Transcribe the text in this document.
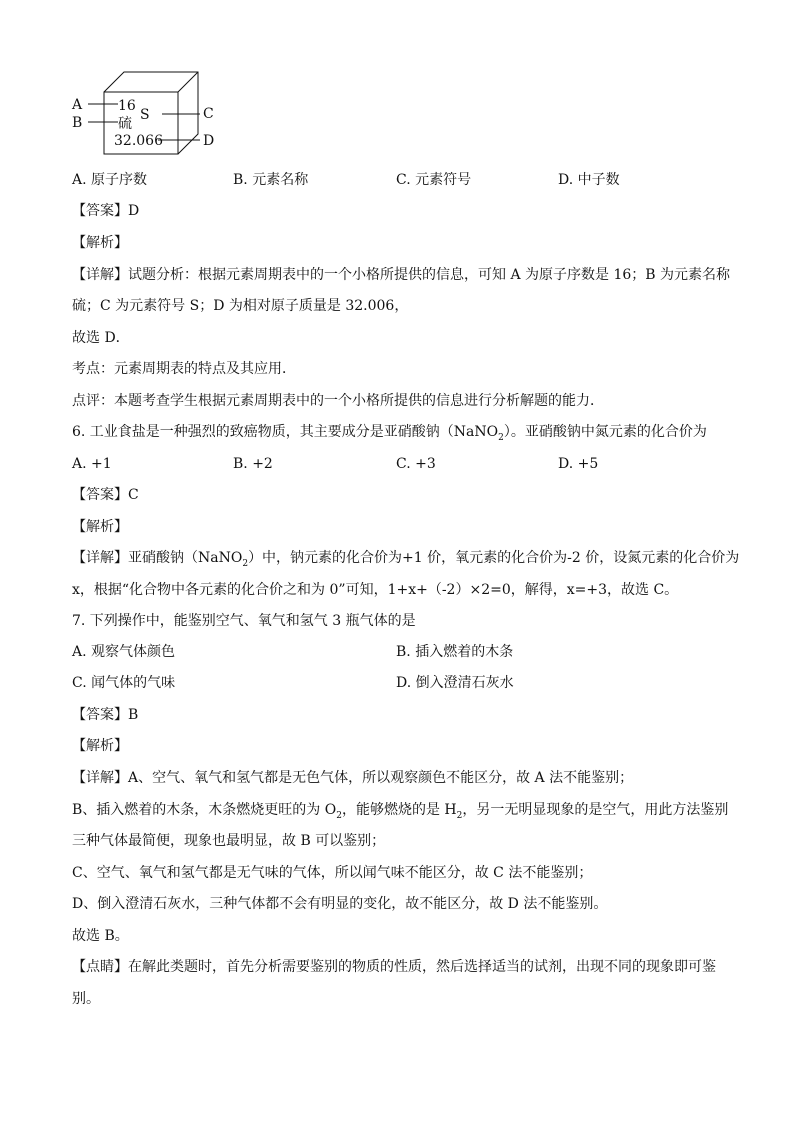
A
B
C
D
16
S
硫
32.066
A. 原子序数	B. 元素名称	C. 元素符号	D. 中子数
【答案】D
【解析】
【详解】试题分析：根据元素周期表中的一个小格所提供的信息，可知 A 为原子序数是 16；B 为元素名称
硫；C 为元素符号 S；D 为相对原子质量是 32.006，
故选 D．
考点：元素周期表的特点及其应用．
点评：本题考查学生根据元素周期表中的一个小格所提供的信息进行分析解题的能力．
6. 工业食盐是一种强烈的致癌物质，其主要成分是亚硝酸钠（NaNO$_2$）。亚硝酸钠中氮元素的化合价为
A. +1	B. +2	C. +3	D. +5
【答案】C
【解析】
【详解】亚硝酸钠（NaNO$_2$）中，钠元素的化合价为+1 价，氧元素的化合价为-2 价，设氮元素的化合价为
x，根据“化合物中各元素的化合价之和为 0”可知，1+x+（-2）×2=0，解得，x=+3，故选 C。
7. 下列操作中，能鉴别空气、氧气和氢气 3 瓶气体的是
A. 观察气体颜色	B. 插入燃着的木条
C. 闻气体的气味	D. 倒入澄清石灰水
【答案】B
【解析】
【详解】A、空气、氧气和氢气都是无色气体，所以观察颜色不能区分，故 A 法不能鉴别；
B、插入燃着的木条，木条燃烧更旺的为 $O_2$，能够燃烧的是 $H_2$，另一无明显现象的是空气，用此方法鉴别
三种气体最简便，现象也最明显，故 B 可以鉴别；
C、空气、氧气和氢气都是无气味的气体，所以闻气味不能区分，故 C 法不能鉴别；
D、倒入澄清石灰水，三种气体都不会有明显的变化，故不能区分，故 D 法不能鉴别。
故选 B。
【点睛】在解此类题时，首先分析需要鉴别的物质的性质，然后选择适当的试剂，出现不同的现象即可鉴
别。
